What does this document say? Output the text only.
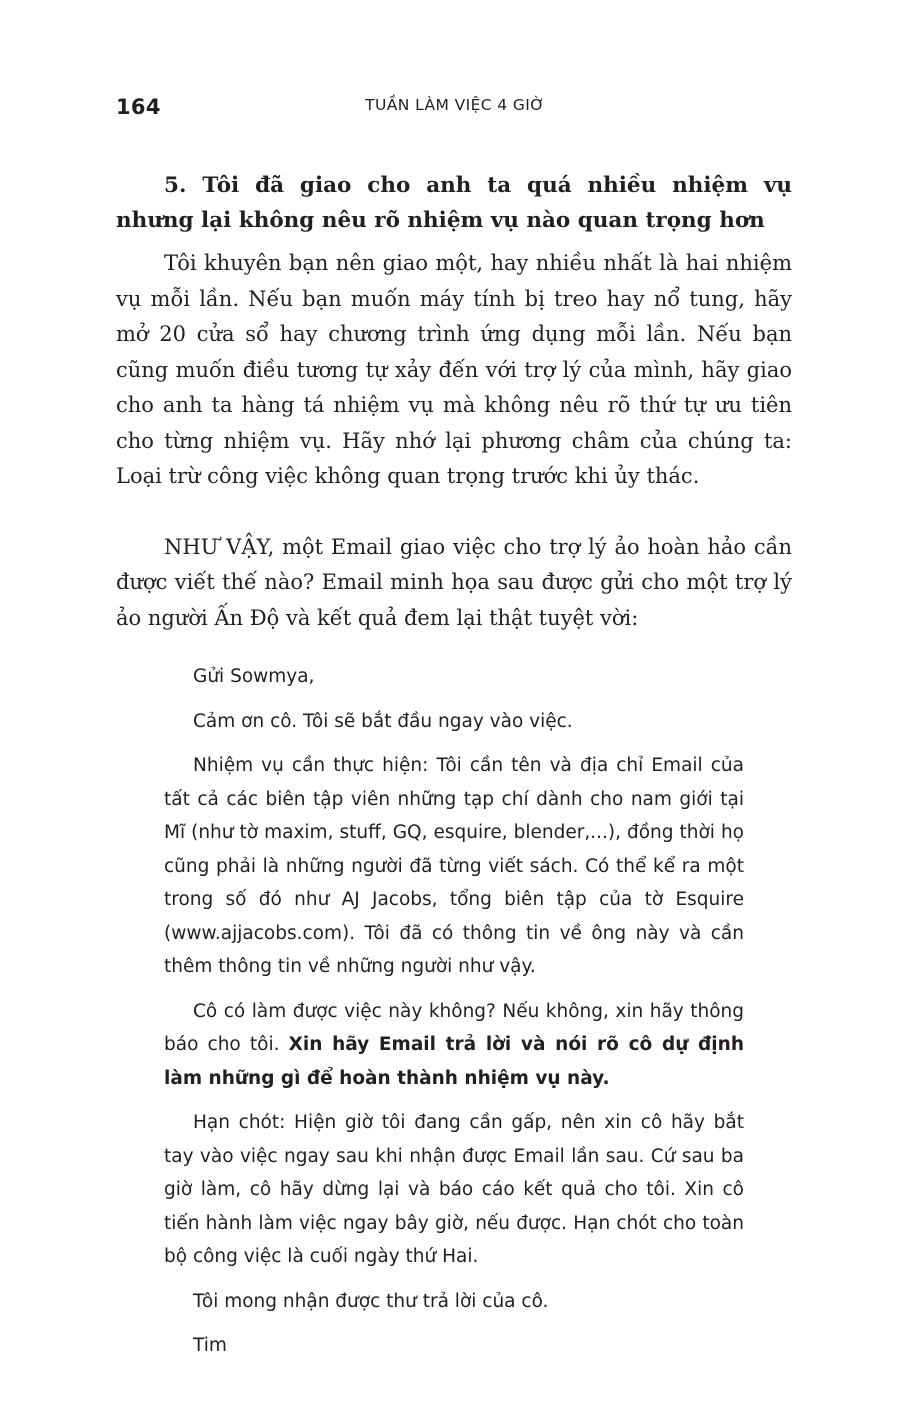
164	TUẦN LÀM VIỆC 4 GIỜ
5. Tôi đã giao cho anh ta quá nhiều nhiệm vụ nhưng lại không nêu rõ nhiệm vụ nào quan trọng hơn

Tôi khuyên bạn nên giao một, hay nhiều nhất là hai nhiệm vụ mỗi lần. Nếu bạn muốn máy tính bị treo hay nổ tung, hãy mở 20 cửa sổ hay chương trình ứng dụng mỗi lần. Nếu bạn cũng muốn điều tương tự xảy đến với trợ lý của mình, hãy giao cho anh ta hàng tá nhiệm vụ mà không nêu rõ thứ tự ưu tiên cho từng nhiệm vụ. Hãy nhớ lại phương châm của chúng ta: Loại trừ công việc không quan trọng trước khi ủy thác.

NHƯ VẬY, một Email giao việc cho trợ lý ảo hoàn hảo cần được viết thế nào? Email minh họa sau được gửi cho một trợ lý ảo người Ấn Độ và kết quả đem lại thật tuyệt vời:

Gửi Sowmya,

Cảm ơn cô. Tôi sẽ bắt đầu ngay vào việc.

Nhiệm vụ cần thực hiện: Tôi cần tên và địa chỉ Email của tất cả các biên tập viên những tạp chí dành cho nam giới tại Mĩ (như tờ maxim, stuff, GQ, esquire, blender,...), đồng thời họ cũng phải là những người đã từng viết sách. Có thể kể ra một trong số đó như AJ Jacobs, tổng biên tập của tờ Esquire (www.ajjacobs.com). Tôi đã có thông tin về ông này và cần thêm thông tin về những người như vậy.

Cô có làm được việc này không? Nếu không, xin hãy thông báo cho tôi. Xin hãy Email trả lời và nói rõ cô dự định làm những gì để hoàn thành nhiệm vụ này.

Hạn chót: Hiện giờ tôi đang cần gấp, nên xin cô hãy bắt tay vào việc ngay sau khi nhận được Email lần sau. Cứ sau ba giờ làm, cô hãy dừng lại và báo cáo kết quả cho tôi. Xin cô tiến hành làm việc ngay bây giờ, nếu được. Hạn chót cho toàn bộ công việc là cuối ngày thứ Hai.

Tôi mong nhận được thư trả lời của cô.

Tim
